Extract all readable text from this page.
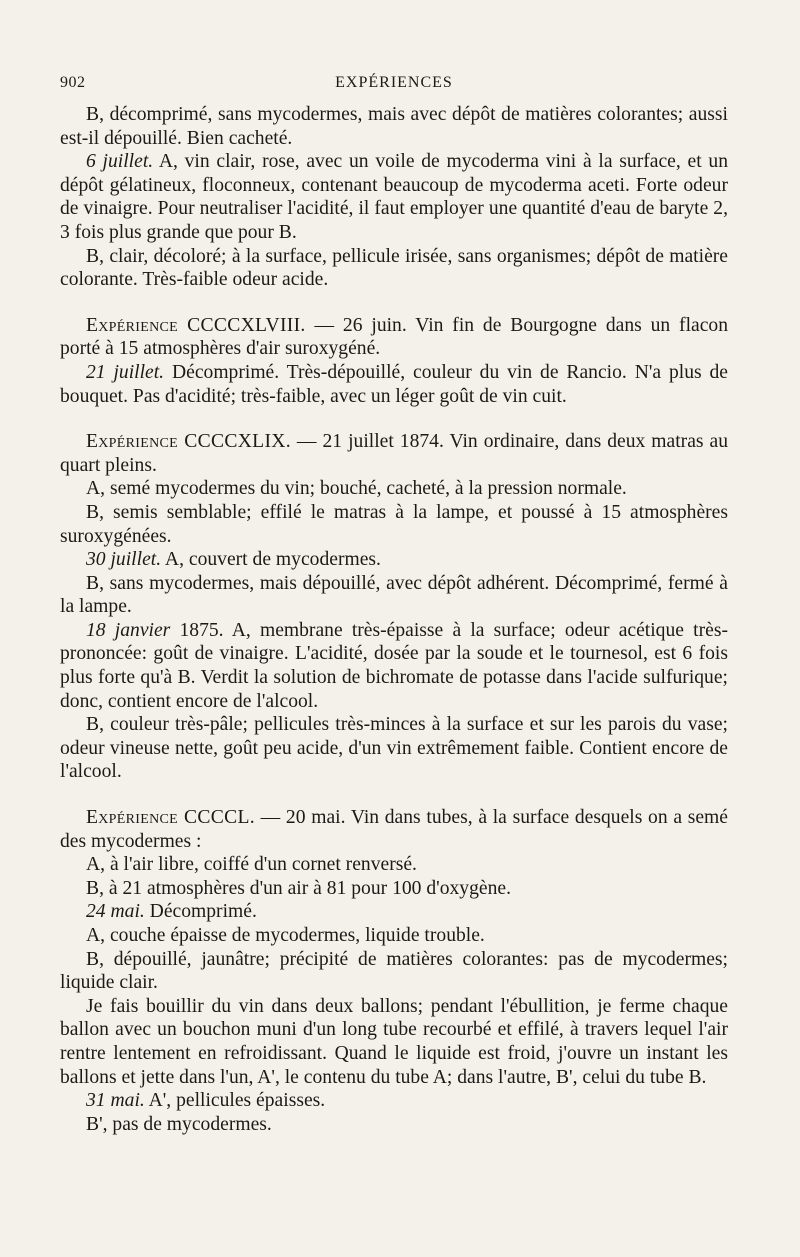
902	EXPÉRIENCES

B, décomprimé, sans mycodermes, mais avec dépôt de matières colorantes; aussi est-il dépouillé. Bien cacheté.

6 juillet. A, vin clair, rose, avec un voile de mycoderma vini à la surface, et un dépôt gélatineux, floconneux, contenant beaucoup de mycoderma aceti. Forte odeur de vinaigre. Pour neutraliser l'acidité, il faut employer une quantité d'eau de baryte 2, 3 fois plus grande que pour B.

B, clair, décoloré; à la surface, pellicule irisée, sans organismes; dépôt de matière colorante. Très-faible odeur acide.

Expérience CCCCXLVIII. — 26 juin. Vin fin de Bourgogne dans un flacon porté à 15 atmosphères d'air suroxygéné.

21 juillet. Décomprimé. Très-dépouillé, couleur du vin de Rancio. N'a plus de bouquet. Pas d'acidité; très-faible, avec un léger goût de vin cuit.

Expérience CCCCXLIX. — 21 juillet 1874. Vin ordinaire, dans deux matras au quart pleins.

A, semé mycodermes du vin; bouché, cacheté, à la pression normale.

B, semis semblable; effilé le matras à la lampe, et poussé à 15 atmosphères suroxygénées.

30 juillet. A, couvert de mycodermes.

B, sans mycodermes, mais dépouillé, avec dépôt adhérent. Décomprimé, fermé à la lampe.

18 janvier 1875. A, membrane très-épaisse à la surface; odeur acétique très-prononcée: goût de vinaigre. L'acidité, dosée par la soude et le tournesol, est 6 fois plus forte qu'à B. Verdit la solution de bichromate de potasse dans l'acide sulfurique; donc, contient encore de l'alcool.

B, couleur très-pâle; pellicules très-minces à la surface et sur les parois du vase; odeur vineuse nette, goût peu acide, d'un vin extrêmement faible. Contient encore de l'alcool.

Expérience CCCCL. — 20 mai. Vin dans tubes, à la surface desquels on a semé des mycodermes :

A, à l'air libre, coiffé d'un cornet renversé.

B, à 21 atmosphères d'un air à 81 pour 100 d'oxygène.

24 mai. Décomprimé.

A, couche épaisse de mycodermes, liquide trouble.

B, dépouillé, jaunâtre; précipité de matières colorantes: pas de mycodermes; liquide clair.

Je fais bouillir du vin dans deux ballons; pendant l'ébullition, je ferme chaque ballon avec un bouchon muni d'un long tube recourbé et effilé, à travers lequel l'air rentre lentement en refroidissant. Quand le liquide est froid, j'ouvre un instant les ballons et jette dans l'un, A', le contenu du tube A; dans l'autre, B', celui du tube B.

31 mai. A', pellicules épaisses.

B', pas de mycodermes.
